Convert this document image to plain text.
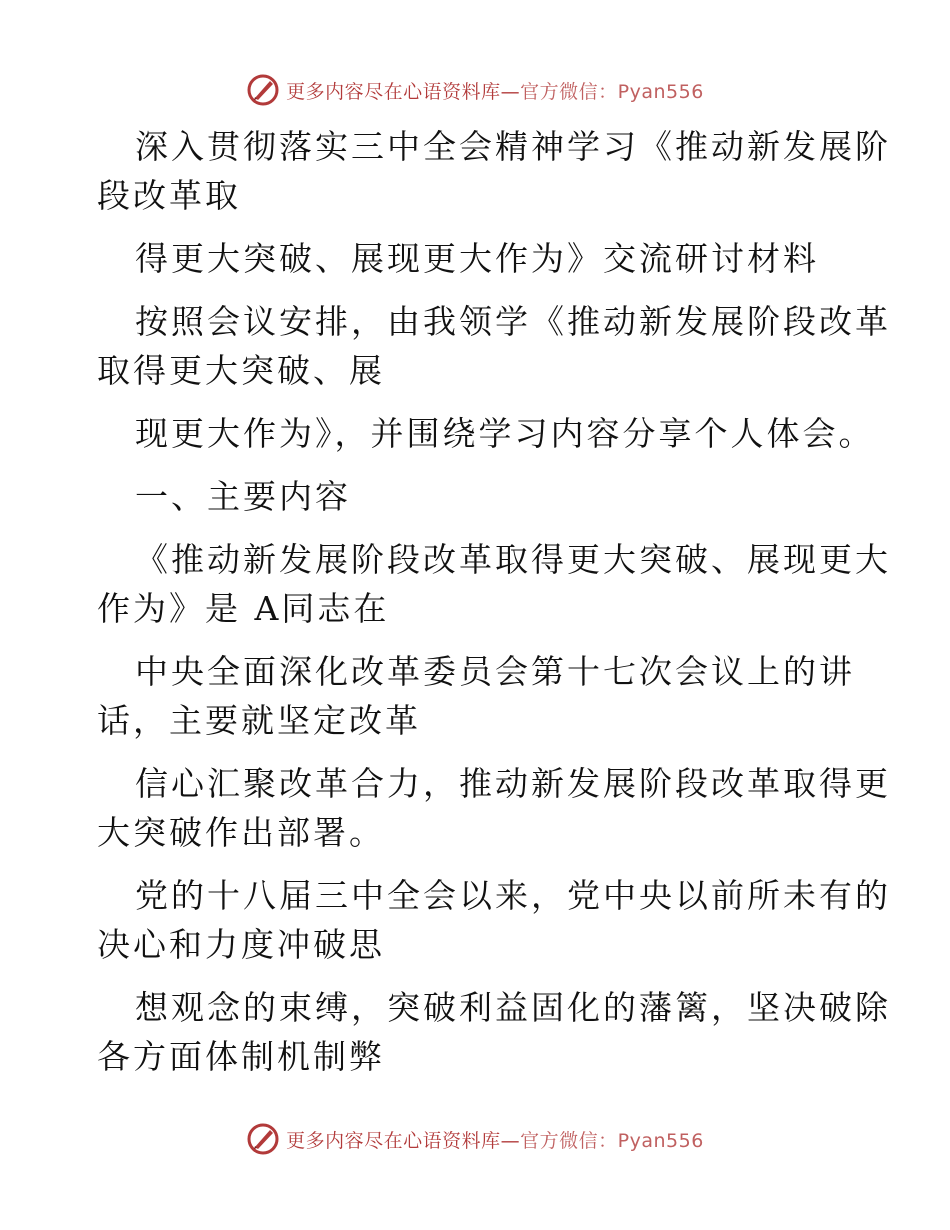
更多内容尽在心语资料库—官方微信：Pyan556
深入贯彻落实三中全会精神学习《推动新发展阶
段改革取
得更大突破、展现更大作为》交流研讨材料
按照会议安排，由我领学《推动新发展阶段改革
取得更大突破、展
现更大作为》，并围绕学习内容分享个人体会。
一、主要内容
《推动新发展阶段改革取得更大突破、展现更大
作为》是 A同志在
中央全面深化改革委员会第十七次会议上的讲
话，主要就坚定改革
信心汇聚改革合力，推动新发展阶段改革取得更
大突破作出部署。
党的十八届三中全会以来，党中央以前所未有的
决心和力度冲破思
想观念的束缚，突破利益固化的藩篱，坚决破除
各方面体制机制弊
更多内容尽在心语资料库—官方微信：Pyan556
